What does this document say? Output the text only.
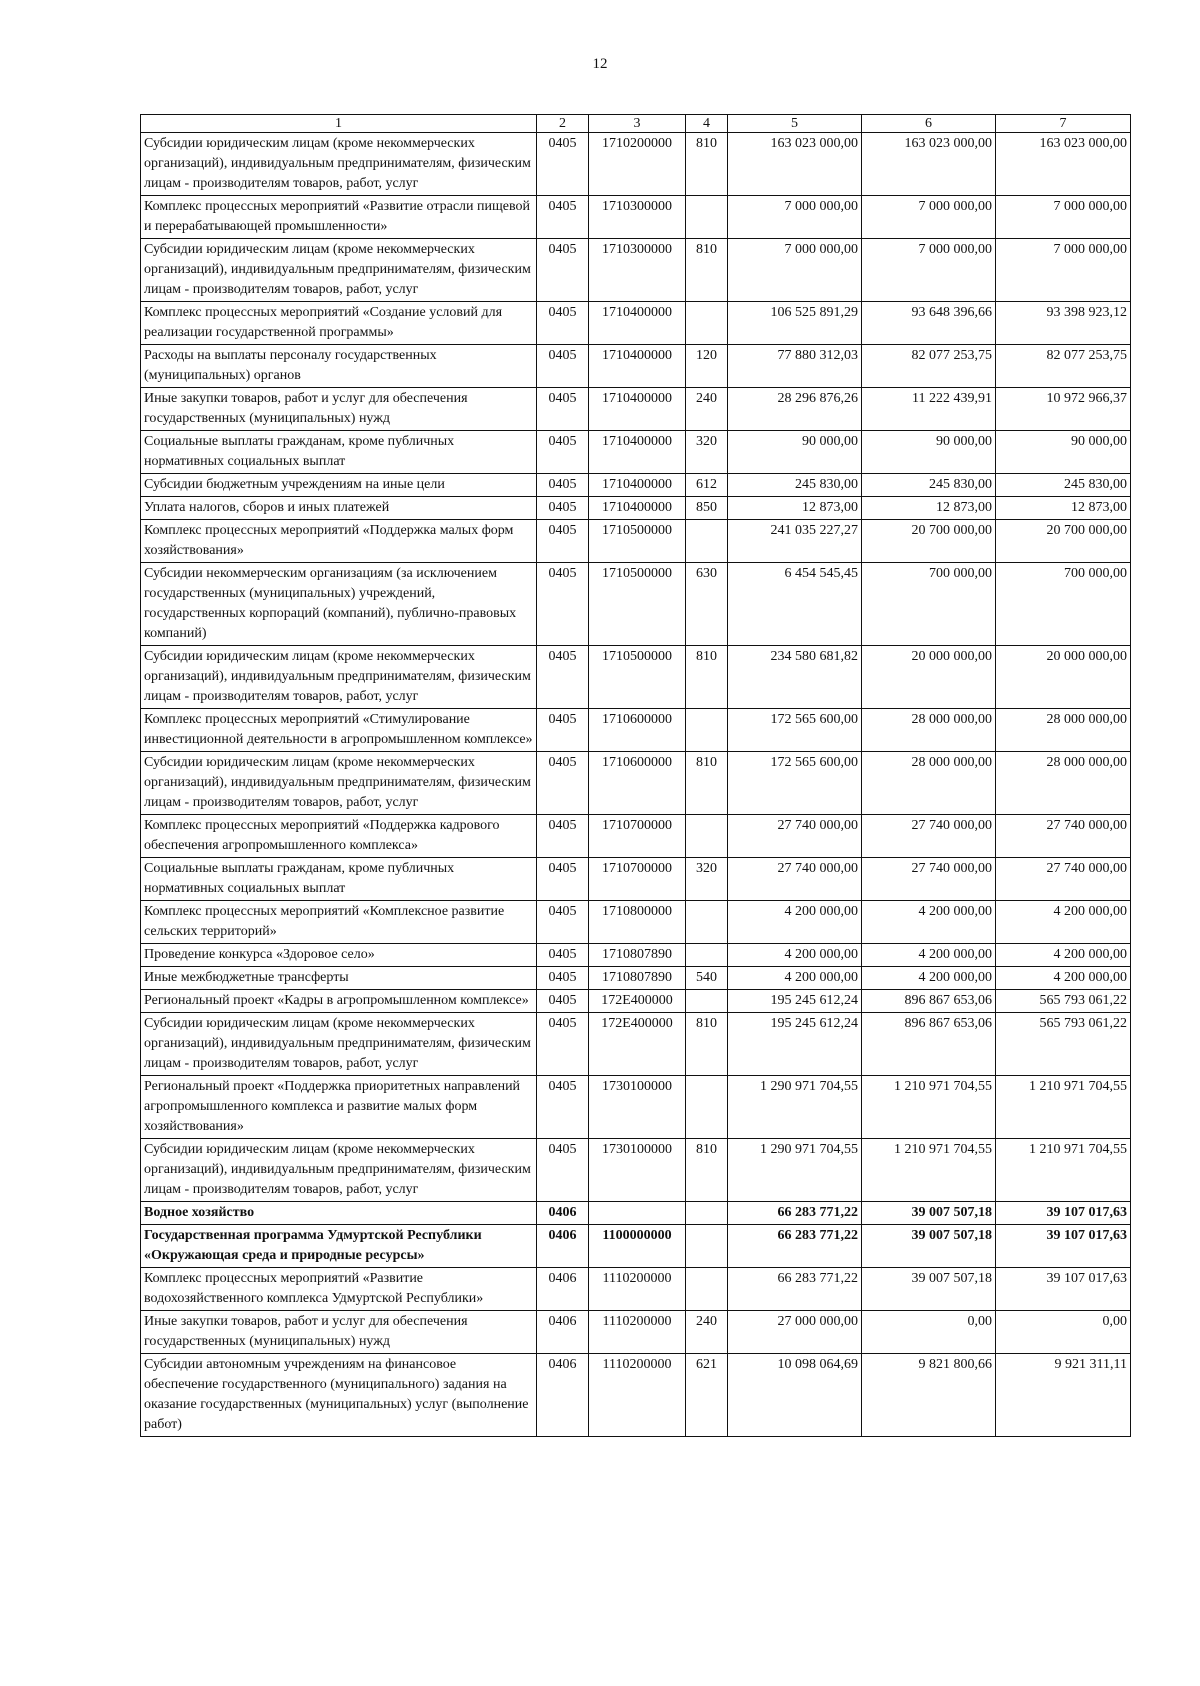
12
1	2	3	4	5	6	7
Субсидии юридическим лицам (кроме некоммерческих организаций), индивидуальным предпринимателям, физическим лицам - производителям товаров, работ, услуг	0405	1710200000	810	163 023 000,00	163 023 000,00	163 023 000,00
Комплекс процессных мероприятий «Развитие отрасли пищевой и перерабатывающей промышленности»	0405	1710300000		7 000 000,00	7 000 000,00	7 000 000,00
Субсидии юридическим лицам (кроме некоммерческих организаций), индивидуальным предпринимателям, физическим лицам - производителям товаров, работ, услуг	0405	1710300000	810	7 000 000,00	7 000 000,00	7 000 000,00
Комплекс процессных мероприятий «Создание условий для реализации государственной программы»	0405	1710400000		106 525 891,29	93 648 396,66	93 398 923,12
Расходы на выплаты персоналу государственных (муниципальных) органов	0405	1710400000	120	77 880 312,03	82 077 253,75	82 077 253,75
Иные закупки товаров, работ и услуг для обеспечения государственных (муниципальных) нужд	0405	1710400000	240	28 296 876,26	11 222 439,91	10 972 966,37
Социальные выплаты гражданам, кроме публичных нормативных социальных выплат	0405	1710400000	320	90 000,00	90 000,00	90 000,00
Субсидии бюджетным учреждениям на иные цели	0405	1710400000	612	245 830,00	245 830,00	245 830,00
Уплата налогов, сборов и иных платежей	0405	1710400000	850	12 873,00	12 873,00	12 873,00
Комплекс процессных мероприятий «Поддержка малых форм хозяйствования»	0405	1710500000		241 035 227,27	20 700 000,00	20 700 000,00
Субсидии некоммерческим организациям (за исключением государственных (муниципальных) учреждений, государственных корпораций (компаний), публично-правовых компаний)	0405	1710500000	630	6 454 545,45	700 000,00	700 000,00
Субсидии юридическим лицам (кроме некоммерческих организаций), индивидуальным предпринимателям, физическим лицам - производителям товаров, работ, услуг	0405	1710500000	810	234 580 681,82	20 000 000,00	20 000 000,00
Комплекс процессных мероприятий «Стимулирование инвестиционной деятельности в агропромышленном комплексе»	0405	1710600000		172 565 600,00	28 000 000,00	28 000 000,00
Субсидии юридическим лицам (кроме некоммерческих организаций), индивидуальным предпринимателям, физическим лицам - производителям товаров, работ, услуг	0405	1710600000	810	172 565 600,00	28 000 000,00	28 000 000,00
Комплекс процессных мероприятий «Поддержка кадрового обеспечения агропромышленного комплекса»	0405	1710700000		27 740 000,00	27 740 000,00	27 740 000,00
Социальные выплаты гражданам, кроме публичных нормативных социальных выплат	0405	1710700000	320	27 740 000,00	27 740 000,00	27 740 000,00
Комплекс процессных мероприятий «Комплексное развитие сельских территорий»	0405	1710800000		4 200 000,00	4 200 000,00	4 200 000,00
Проведение конкурса «Здоровое село»	0405	1710807890		4 200 000,00	4 200 000,00	4 200 000,00
Иные межбюджетные трансферты	0405	1710807890	540	4 200 000,00	4 200 000,00	4 200 000,00
Региональный проект «Кадры в агропромышленном комплексе»	0405	172E400000		195 245 612,24	896 867 653,06	565 793 061,22
Субсидии юридическим лицам (кроме некоммерческих организаций), индивидуальным предпринимателям, физическим лицам - производителям товаров, работ, услуг	0405	172E400000	810	195 245 612,24	896 867 653,06	565 793 061,22
Региональный проект «Поддержка приоритетных направлений агропромышленного комплекса и развитие малых форм хозяйствования»	0405	1730100000		1 290 971 704,55	1 210 971 704,55	1 210 971 704,55
Субсидии юридическим лицам (кроме некоммерческих организаций), индивидуальным предпринимателям, физическим лицам - производителям товаров, работ, услуг	0405	1730100000	810	1 290 971 704,55	1 210 971 704,55	1 210 971 704,55
Водное хозяйство	0406			66 283 771,22	39 007 507,18	39 107 017,63
Государственная программа Удмуртской Республики «Окружающая среда и природные ресурсы»	0406	1100000000		66 283 771,22	39 007 507,18	39 107 017,63
Комплекс процессных мероприятий «Развитие водохозяйственного комплекса Удмуртской Республики»	0406	1110200000		66 283 771,22	39 007 507,18	39 107 017,63
Иные закупки товаров, работ и услуг для обеспечения государственных (муниципальных) нужд	0406	1110200000	240	27 000 000,00	0,00	0,00
Субсидии автономным учреждениям на финансовое обеспечение государственного (муниципального) задания на оказание государственных (муниципальных) услуг (выполнение работ)	0406	1110200000	621	10 098 064,69	9 821 800,66	9 921 311,11
